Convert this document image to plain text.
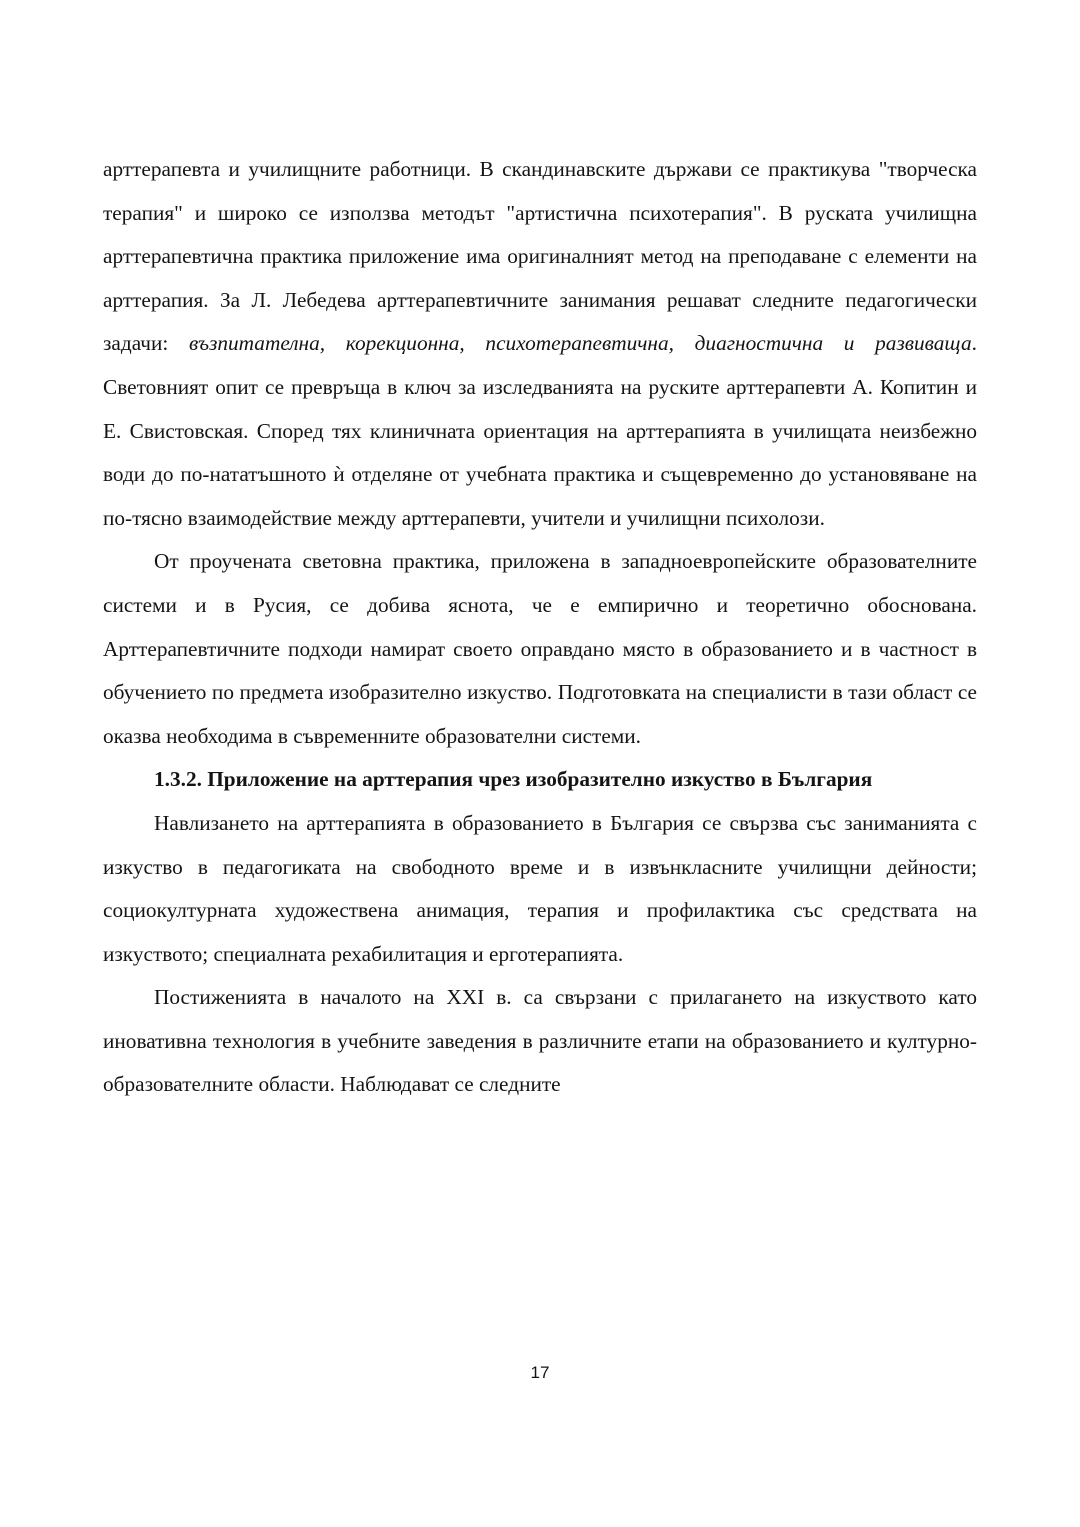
арттерапевта и училищните работници. В скандинавските държави се практикува "творческа терапия" и широко се използва методът "артистична психотерапия". В руската училищна арттерапевтична практика приложение има оригиналният метод на преподаване с елементи на арттерапия. За Л. Лебедева арттерапевтичните занимания решават следните педагогически задачи: възпитателна, корекционна, психотерапевтична, диагностична и развиваща. Световният опит се превръща в ключ за изследванията на руските арттерапевти А. Копитин и Е. Свистовская. Според тях клиничната ориентация на арттерапията в училищата неизбежно води до по-нататъшното ѝ отделяне от учебната практика и същевременно до установяване на по-тясно взаимодействие между арттерапевти, учители и училищни психолози.

От проучената световна практика, приложена в западноевропейските образователните системи и в Русия, се добива яснота, че е емпирично и теоретично обоснована. Арттерапевтичните подходи намират своето оправдано място в образованието и в частност в обучението по предмета изобразително изкуство. Подготовката на специалисти в тази област се оказва необходима в съвременните образователни системи.

1.3.2. Приложение на арттерапия чрез изобразително изкуство в България

Навлизането на арттерапията в образованието в България се свързва със заниманията с изкуство в педагогиката на свободното време и в извънкласните училищни дейности; социокултурната художествена анимация, терапия и профилактика със средствата на изкуството; специалната рехабилитация и ерготерапията.

Постиженията в началото на XXI в. са свързани с прилагането на изкуството като иновативна технология в учебните заведения в различните етапи на образованието и културно-образователните области. Наблюдават се следните

17
